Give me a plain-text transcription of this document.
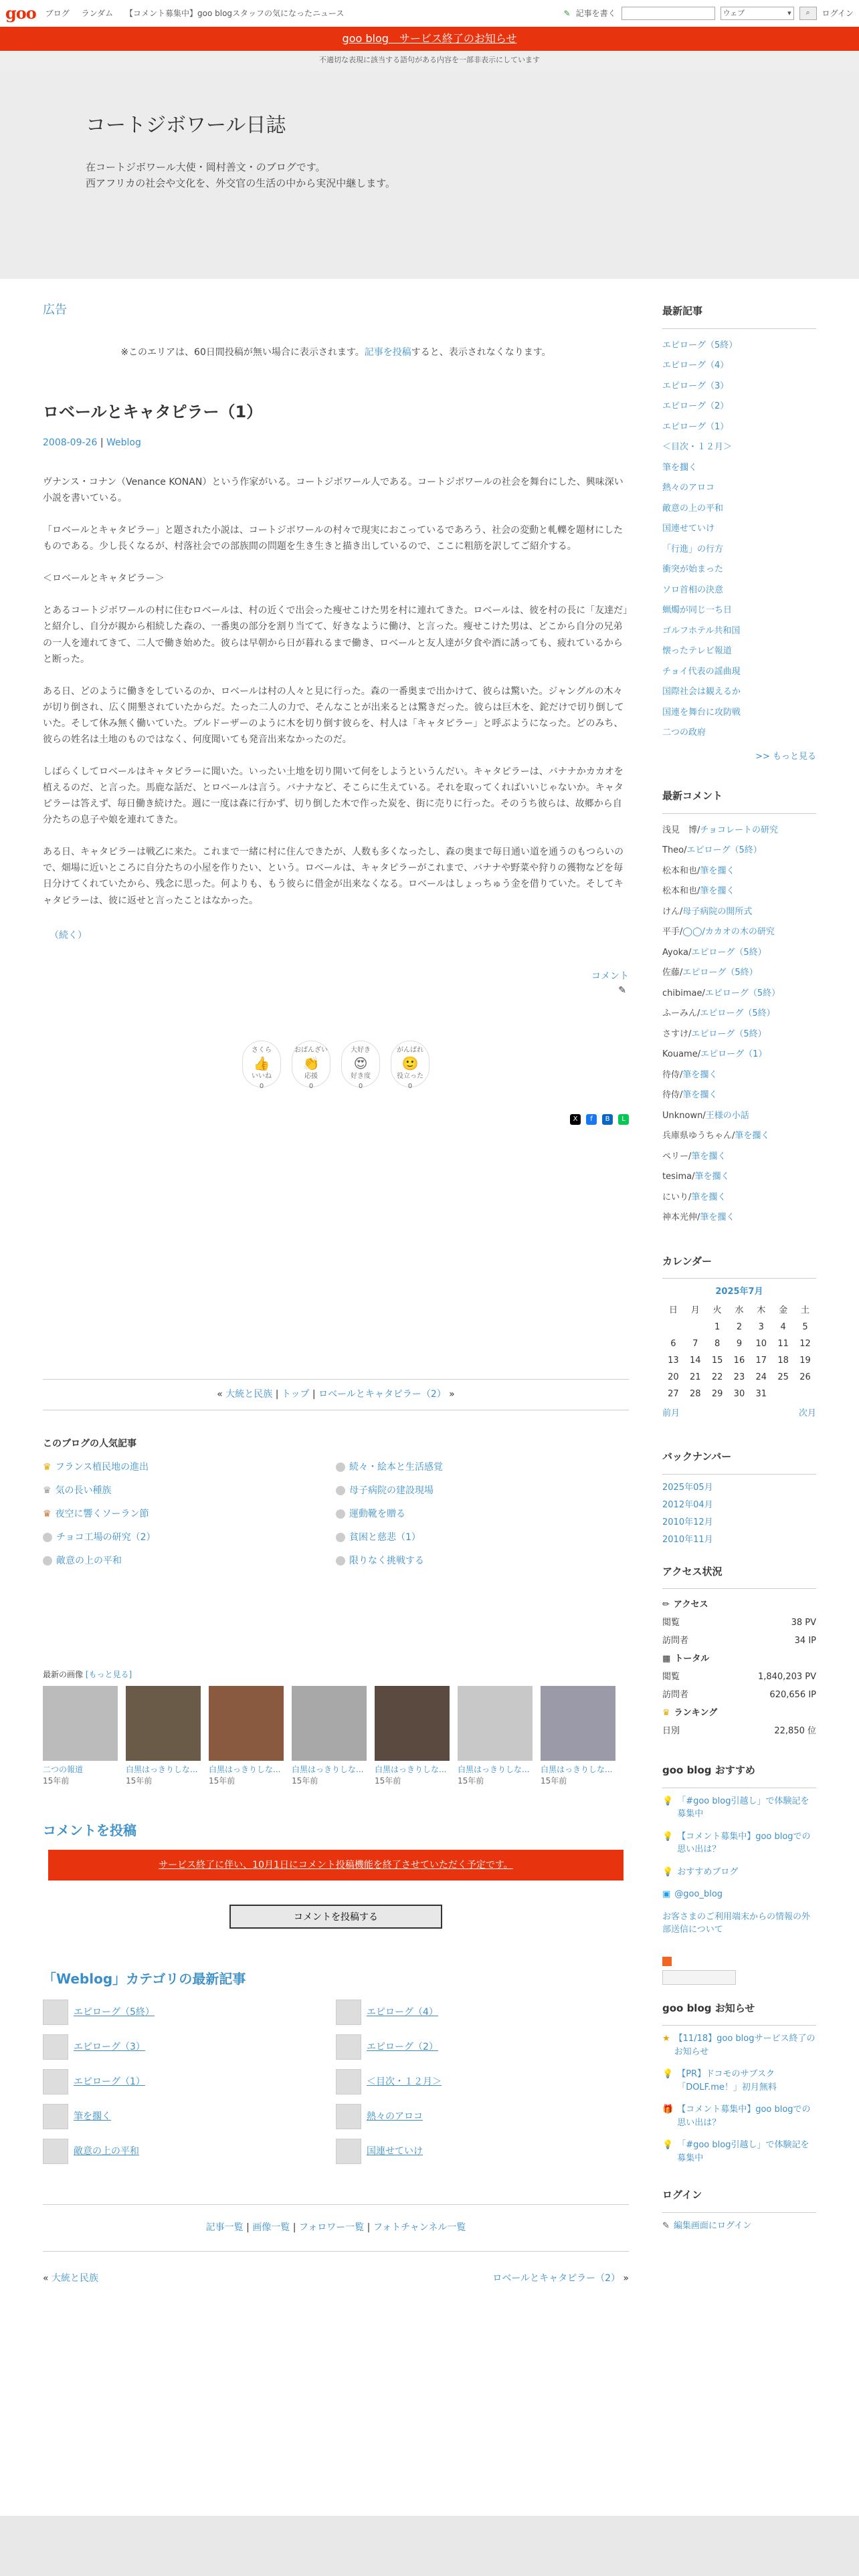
goo ブログ ランダム 【コメント募集中】goo blogスタッフの気になったニュース	✎ 記事を書く	ウェブ	▾	⌕	ログイン
goo blog　サービス終了のお知らせ
不適切な表現に該当する語句がある内容を一部非表示にしています
コートジボワール日誌
在コートジボワール大使・岡村善文・のブログです。
西アフリカの社会や文化を、外交官の生活の中から実況中継します。
広告
※このエリアは、60日間投稿が無い場合に表示されます。記事を投稿すると、表示されなくなります。
ロベールとキャタピラー（1）
2008-09-26 | Weblog

ヴナンス・コナン（Venance KONAN）という作家がいる。コートジボワール人である。コートジボワールの社会を舞台にした、興味深い小説を書いている。

「ロベールとキャタピラー」と題された小説は、コートジボワールの村々で現実におこっているであろう、社会の変動と軋轢を題材にしたものである。少し長くなるが、村落社会での部族間の問題を生き生きと描き出しているので、ここに粗筋を訳してご紹介する。

＜ロベールとキャタピラー＞

とあるコートジボワールの村に住むロベールは、村の近くで出会った痩せこけた男を村に連れてきた。ロベールは、彼を村の長に「友達だ」と紹介し、自分が親から相続した森の、一番奥の部分を割り当てて、好きなように働け、と言った。痩せこけた男は、どこから自分の兄弟の一人を連れてきて、二人で働き始めた。彼らは早朝から日が暮れるまで働き、ロベールと友人達が夕食や酒に誘っても、疲れているからと断った。

ある日、どのように働きをしているのか、ロベールは村の人々と見に行った。森の一番奥まで出かけて、彼らは驚いた。ジャングルの木々が切り倒され、広く開墾されていたからだ。たった二人の力で、そんなことが出来るとは驚きだった。彼らは巨木を、鉈だけで切り倒していた。そして休み無く働いていた。ブルドーザーのように木を切り倒す彼らを、村人は「キャタピラー」と呼ぶようになった。どのみち、彼らの姓名は土地のものではなく、何度聞いても発音出来なかったのだ。

しばらくしてロベールはキャタピラーに聞いた。いったい土地を切り開いて何をしようというんだい。キャタピラーは、バナナかカカオを植えるのだ、と言った。馬鹿な話だ、とロベールは言う。バナナなど、そこらに生えている。それを取ってくればいいじゃないか。キャタピラーは答えず、毎日働き続けた。週に一度は森に行かず、切り倒した木で作った炭を、街に売りに行った。そのうち彼らは、故郷から自分たちの息子や娘を連れてきた。

ある日、キャタピラーは戦乙に来た。これまで一緒に村に住んできたが、人数も多くなったし、森の奥まで毎日通い道を通うのもつらいので、畑場に近いところに自分たちの小屋を作りたい、という。ロベールは、キャタピラーがこれまで、バナナや野菜や狩りの獲物などを毎日分けてくれていたから、残念に思った。何よりも、もう彼らに借金が出来なくなる。ロベールはしょっちゅう金を借りていた。そしてキャタピラーは、彼に返せと言ったことはなかった。

（続く）
コメント
✎
さくら
👍
いいね
0
おばんざい
👏
応援
0
大好き
😍
好き度
0
がんばれ
🙂
役立った
0
X	f	B	L
« 大統と民族 | トップ | ロベールとキャタピラー（2） »
このブログの人気記事
♛ フランス植民地の進出	続々・絵本と生活感覚
♛ 気の長い種族	母子病院の建設現場
♛ 夜空に響くソーラン節	運動靴を贈る
チョコ工場の研究（2）	貧困と慈悲（1）
敵意の上の平和	限りなく挑戦する
最新の画像 [もっと見る]
二つの報道
15年前
白黒はっきりしな...
15年前
白黒はっきりしな...
15年前
白黒はっきりしな...
15年前
白黒はっきりしな...
15年前
白黒はっきりしな...
15年前
白黒はっきりしな...
15年前
コメントを投稿
サービス終了に伴い、10月1日にコメント投稿機能を終了させていただく予定です。
コメントを投稿する
「Weblog」カテゴリの最新記事
エピローグ（5終）	エピローグ（4）
エピローグ（3）	エピローグ（2）
エピローグ（1）	＜目次・１２月＞
筆を擱く	熱々のアロコ
敵意の上の平和	国連せていけ
記事一覧 | 画像一覧 | フォロワー一覧 | フォトチャンネル一覧
« 大統と民族	ロベールとキャタピラー（2） »
最新記事
エピローグ（5終）
エピローグ（4）
エピローグ（3）
エピローグ（2）
エピローグ（1）
＜目次・１２月＞
筆を擱く
熱々のアロコ
敵意の上の平和
国連せていけ
「行進」の行方
衝突が始まった
ソロ首相の決意
蝋燭が同じ一ち日
ゴルフホテル共和国
懐ったテレビ報道
チョイ代表の謡曲現
国際社会は観えるか
国連を舞台に攻防戦
二つの政府
>> もっと見る
最新コメント
浅見　博/チョコレートの研究
Theo/エピローグ（5終）
松本和也/筆を擱く
松本和也/筆を擱く
けん/母子病院の開所式
平手/◯◯/カカオの木の研究
Ayoka/エピローグ（5終）
佐藤/エピローグ（5終）
chibimae/エピローグ（5終）
ふーみん/エピローグ（5終）
さすけ/エピローグ（5終）
Kouame/エピローグ（1）
待侍/筆を擱く
待侍/筆を擱く
Unknown/王様の小話
兵庫県ゆうちゃん/筆を擱く
ペリー/筆を擱く
tesima/筆を擱く
にいり/筆を擱く
神本光伸/筆を擱く
カレンダー
2025年7月
日	月	火	水	木	金	土
		1	2	3	4	5
6	7	8	9	10	11	12
13	14	15	16	17	18	19
20	21	22	23	24	25	26
27	28	29	30	31		
前月	次月
バックナンバー
2025年05月
2012年04月
2010年12月
2010年11月
アクセス状況
✏ アクセス
閲覧	38 PV
訪問者	34 IP
▦ トータル
閲覧	1,840,203 PV
訪問者	620,656 IP
♛ ランキング
日別	22,850 位
goo blog おすすめ
💡 「#goo blog引越し」で体験記を募集中
💡 【コメント募集中】goo blogでの思い出は？
💡 おすすめブログ
▣ @goo_blog
お客さまのご利用端末からの情報の外部送信について
goo blog お知らせ
★ 【11/18】goo blogサービス終了のお知らせ
💡 【PR】ドコモのサブスク「DOLF.me！」初月無料
🎁 【コメント募集中】goo blogでの思い出は？
💡 「#goo blog引越し」で体験記を募集中
ログイン
✎ 編集画面にログイン
